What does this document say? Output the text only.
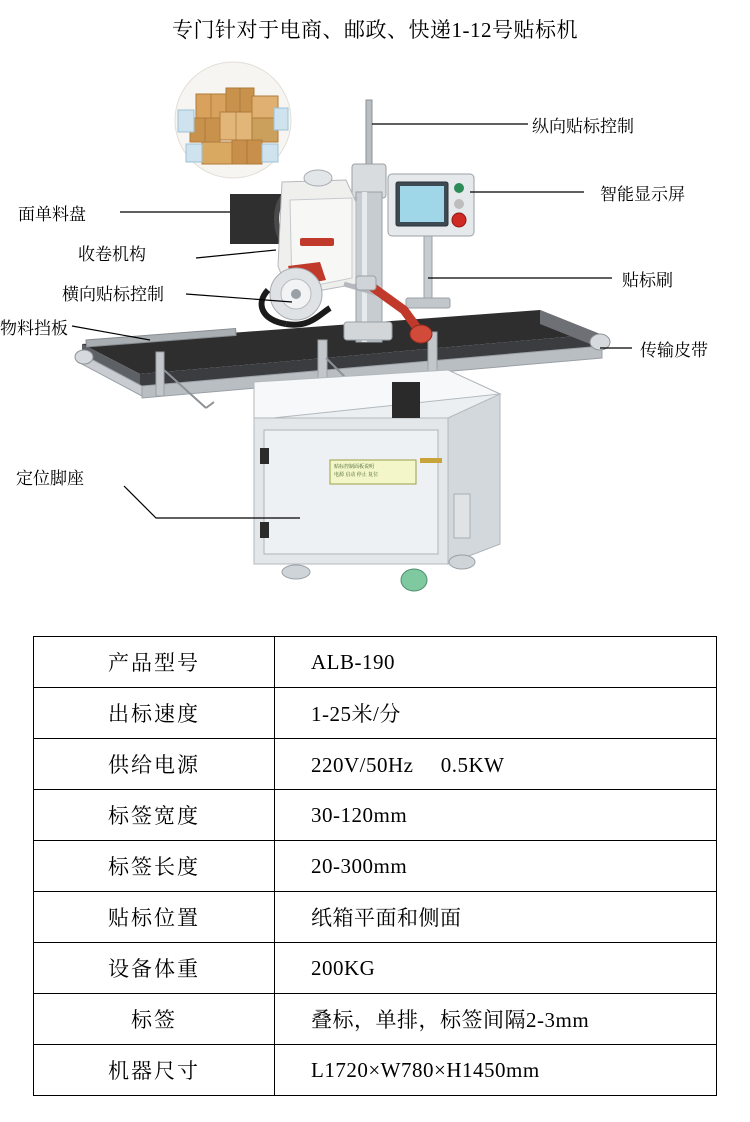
专门针对于电商、邮政、快递1-12号贴标机
贴标控制面板说明
电源 启动 停止 复位
纵向贴标控制
智能显示屏
贴标刷
传输皮带
面单料盘
收卷机构
横向贴标控制
物料挡板
定位脚座
产品型号	ALB-190
出标速度	1-25米/分
供给电源	220V/50Hz 　0.5KW
标签宽度	30-120mm
标签长度	20-300mm
贴标位置	纸箱平面和侧面
设备体重	200KG
标签	叠标，单排，标签间隔2-3mm
机器尺寸	L1720×W780×H1450mm
